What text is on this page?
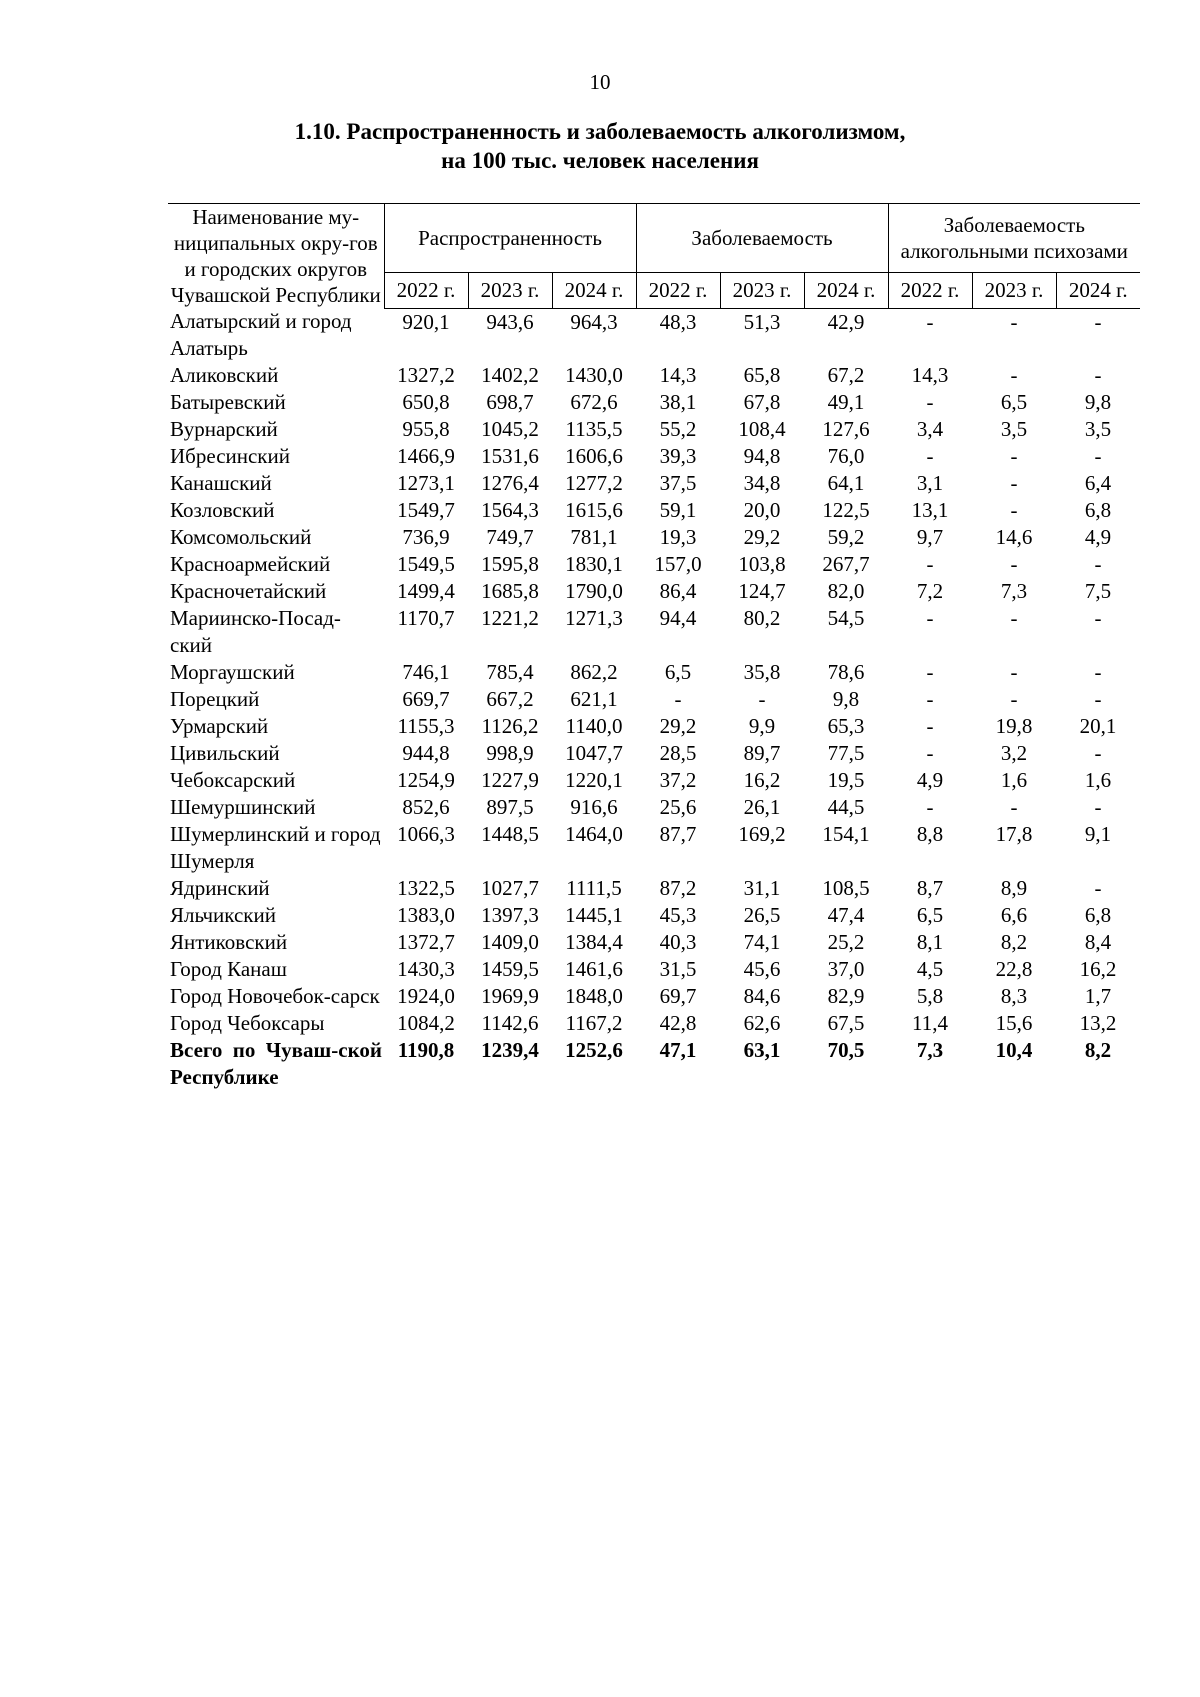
10
1.10. Распространенность и заболеваемость алкоголизмом,
на 100 тыс. человек населения
Наименование му-ниципальных окру-гов и городских округов Чувашской Республики	Распространенность			Заболеваемость			Заболеваемость алкогольными психозами		
	2022 г.	2023 г.	2024 г.	2022 г.	2023 г.	2024 г.	2022 г.	2023 г.	2024 г.
Алатырский и город Алатырь	920,1	943,6	964,3	48,3	51,3	42,9	-	-	-
Аликовский	1327,2	1402,2	1430,0	14,3	65,8	67,2	14,3	-	-
Батыревский	650,8	698,7	672,6	38,1	67,8	49,1	-	6,5	9,8
Вурнарский	955,8	1045,2	1135,5	55,2	108,4	127,6	3,4	3,5	3,5
Ибресинский	1466,9	1531,6	1606,6	39,3	94,8	76,0	-	-	-
Канашский	1273,1	1276,4	1277,2	37,5	34,8	64,1	3,1	-	6,4
Козловский	1549,7	1564,3	1615,6	59,1	20,0	122,5	13,1	-	6,8
Комсомольский	736,9	749,7	781,1	19,3	29,2	59,2	9,7	14,6	4,9
Красноармейский	1549,5	1595,8	1830,1	157,0	103,8	267,7	-	-	-
Красночетайский	1499,4	1685,8	1790,0	86,4	124,7	82,0	7,2	7,3	7,5
Мариинско-Посад-ский	1170,7	1221,2	1271,3	94,4	80,2	54,5	-	-	-
Моргаушский	746,1	785,4	862,2	6,5	35,8	78,6	-	-	-
Порецкий	669,7	667,2	621,1	-	-	9,8	-	-	-
Урмарский	1155,3	1126,2	1140,0	29,2	9,9	65,3	-	19,8	20,1
Цивильский	944,8	998,9	1047,7	28,5	89,7	77,5	-	3,2	-
Чебоксарский	1254,9	1227,9	1220,1	37,2	16,2	19,5	4,9	1,6	1,6
Шемуршинский	852,6	897,5	916,6	25,6	26,1	44,5	-	-	-
Шумерлинский и город Шумерля	1066,3	1448,5	1464,0	87,7	169,2	154,1	8,8	17,8	9,1
Ядринский	1322,5	1027,7	1111,5	87,2	31,1	108,5	8,7	8,9	-
Яльчикский	1383,0	1397,3	1445,1	45,3	26,5	47,4	6,5	6,6	6,8
Янтиковский	1372,7	1409,0	1384,4	40,3	74,1	25,2	8,1	8,2	8,4
Город Канаш	1430,3	1459,5	1461,6	31,5	45,6	37,0	4,5	22,8	16,2
Город Новочебок-сарск	1924,0	1969,9	1848,0	69,7	84,6	82,9	5,8	8,3	1,7
Город Чебоксары	1084,2	1142,6	1167,2	42,8	62,6	67,5	11,4	15,6	13,2
Всего по Чуваш-ской Республике	1190,8	1239,4	1252,6	47,1	63,1	70,5	7,3	10,4	8,2
